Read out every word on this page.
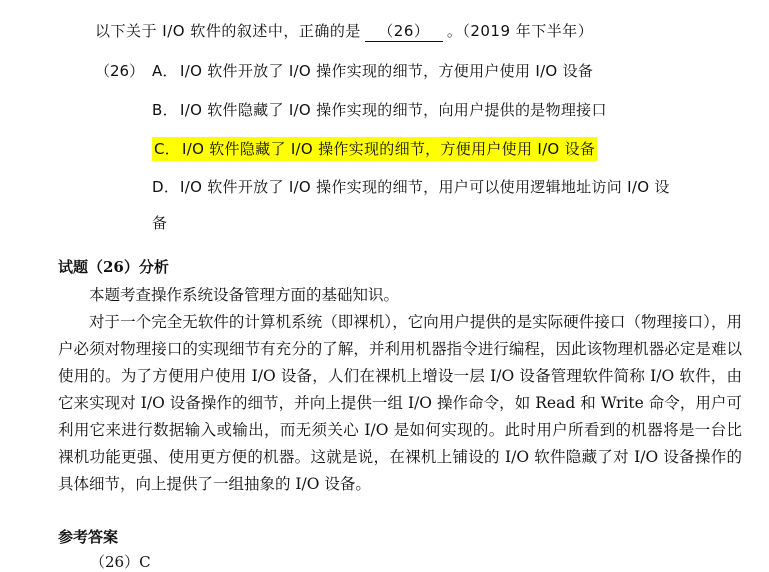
以下关于 I/O 软件的叙述中，正确的是 （26） 。（2019 年下半年）
（26） A． I/O 软件开放了 I/O 操作实现的细节，方便用户使用 I/O 设备
B． I/O 软件隐藏了 I/O 操作实现的细节，向用户提供的是物理接口
C． I/O 软件隐藏了 I/O 操作实现的细节，方便用户使用 I/O 设备
D．I/O 软件开放了 I/O 操作实现的细节，用户可以使用逻辑地址访问 I/O 设
备
试题（26）分析

本题考查操作系统设备管理方面的基础知识。

对于一个完全无软件的计算机系统（即裸机），它向用户提供的是实际硬件接口（物理接口），用户必须对物理接口的实现细节有充分的了解，并利用机器指令进行编程，因此该物理机器必定是难以使用的。为了方便用户使用 I/O 设备，人们在裸机上增设一层 I/O 设备管理软件简称 I/O 软件，由它来实现对 I/O 设备操作的细节，并向上提供一组 I/O 操作命令，如 Read 和 Write 命令，用户可利用它来进行数据输入或输出，而无须关心 I/O 是如何实现的。此时用户所看到的机器将是一台比裸机功能更强、使用更方便的机器。这就是说，在裸机上铺设的 I/O 软件隐藏了对 I/O 设备操作的具体细节，向上提供了一组抽象的 I/O 设备。

参考答案
（26）C
